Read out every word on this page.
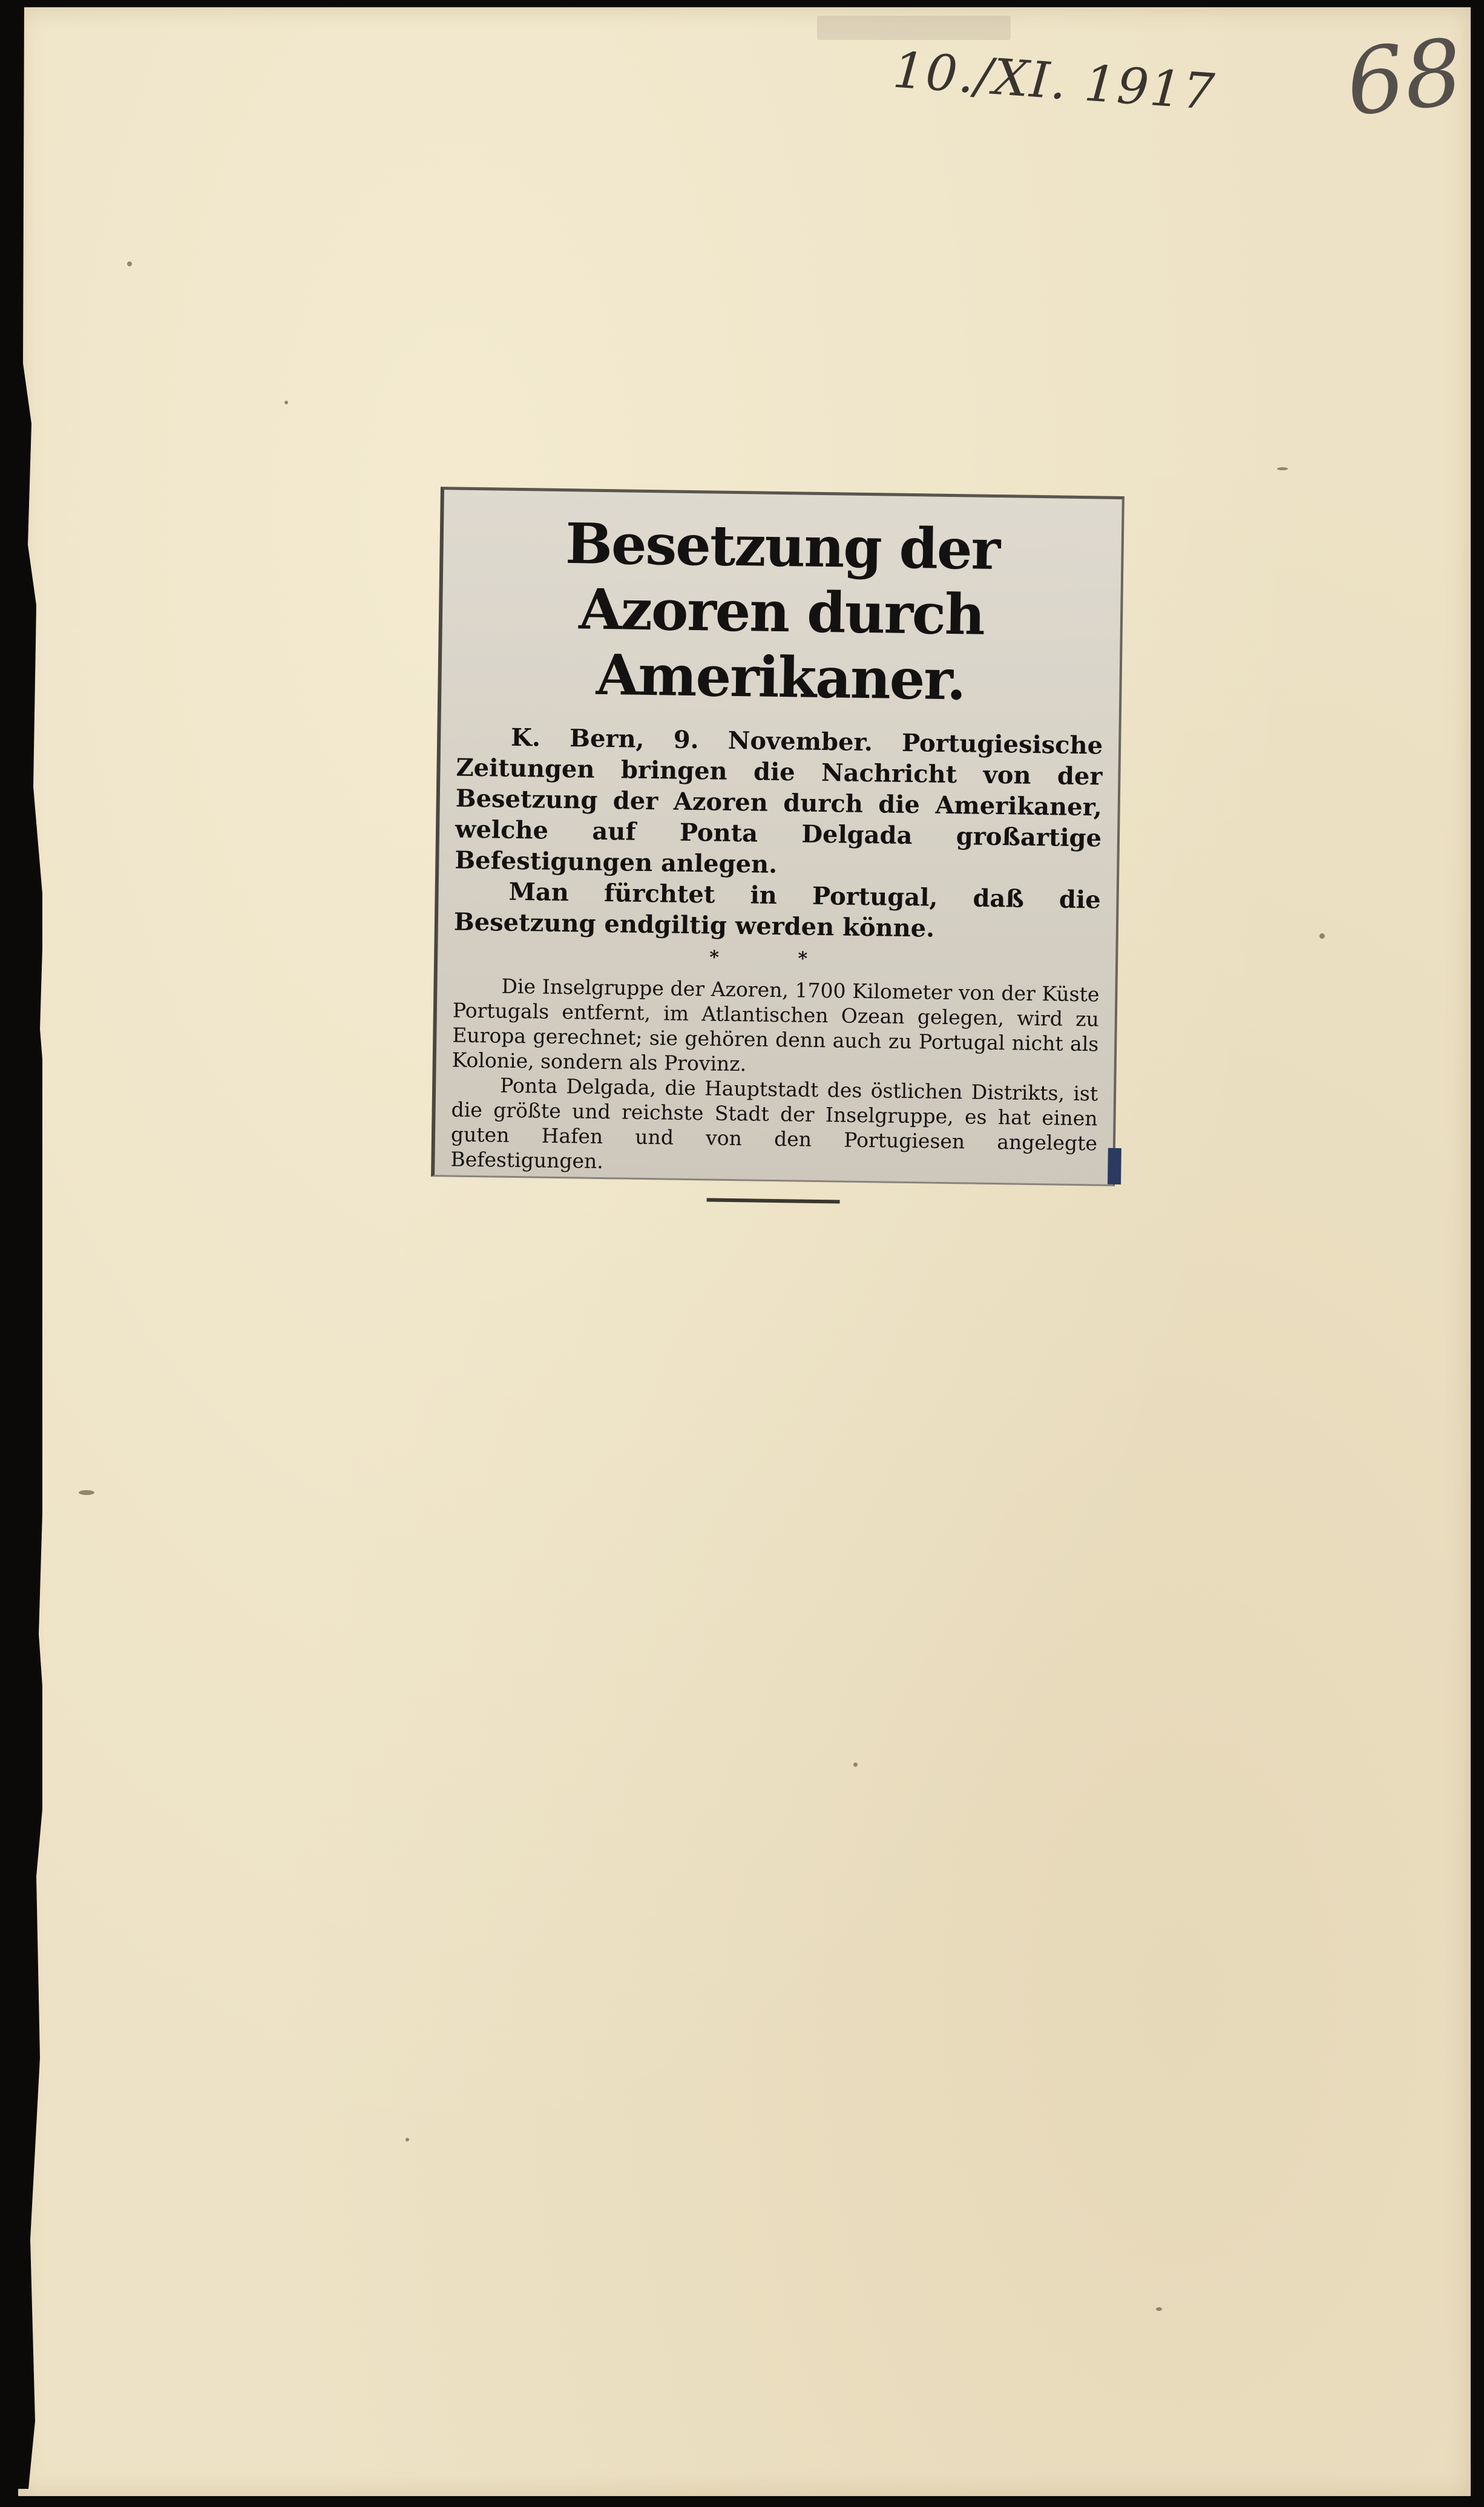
10./XI. 1917 68
Besetzung der Azoren durch Amerikaner.

K. Bern, 9. November. Portugiesische Zeitungen bringen die Nachricht von der Besetzung der Azoren durch die Amerikaner, welche auf Ponta Delgada großartige Befestigungen anlegen.

Man fürchtet in Portugal, daß die Besetzung endgiltig werden könne.

* *

Die Inselgruppe der Azoren, 1700 Kilometer von der Küste Portugals entfernt, im Atlantischen Ozean gelegen, wird zu Europa gerechnet; sie gehören denn auch zu Portugal nicht als Kolonie, sondern als Provinz.

Ponta Delgada, die Hauptstadt des östlichen Distrikts, ist die größte und reichste Stadt der Inselgruppe, es hat einen guten Hafen und von den Portugiesen angelegte Befestigungen.
